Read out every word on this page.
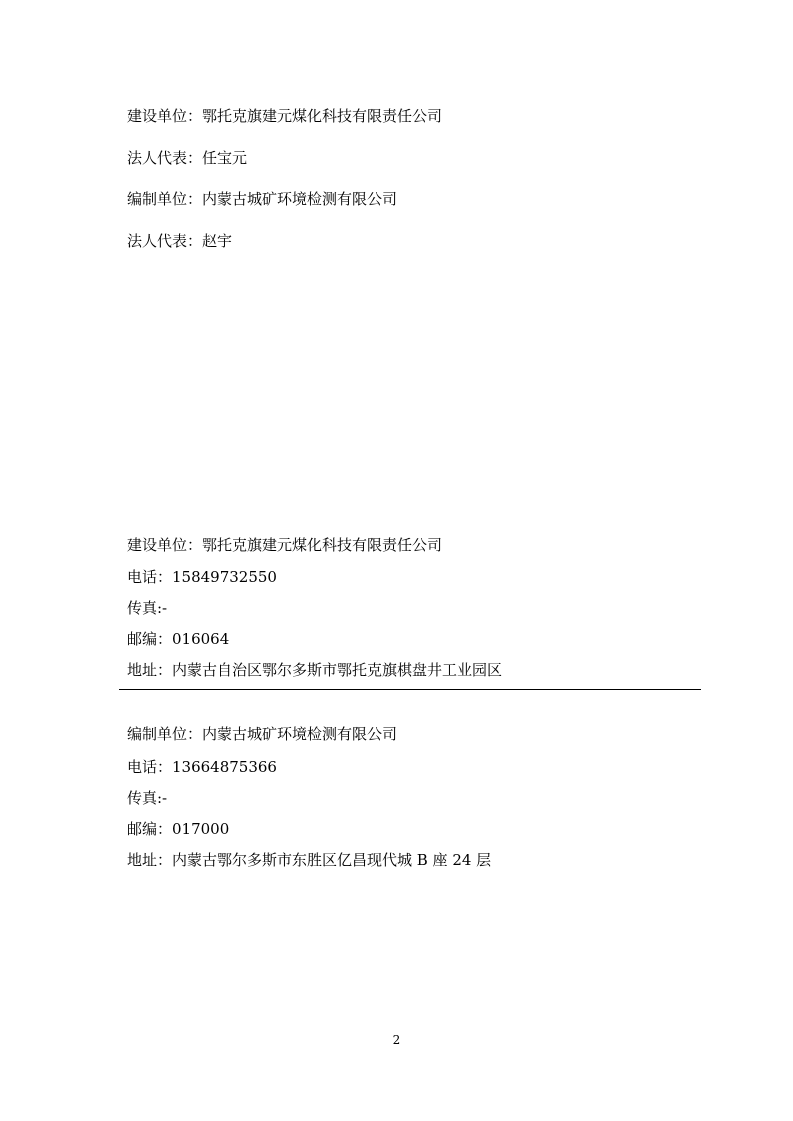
建设单位：鄂托克旗建元煤化科技有限责任公司
法人代表：任宝元
编制单位：内蒙古城矿环境检测有限公司
法人代表：赵宇
建设单位：鄂托克旗建元煤化科技有限责任公司
电话：15849732550
传真:-
邮编：016064
地址：内蒙古自治区鄂尔多斯市鄂托克旗棋盘井工业园区
编制单位：内蒙古城矿环境检测有限公司
电话：13664875366
传真:-
邮编：017000
地址：内蒙古鄂尔多斯市东胜区亿昌现代城 B 座 24 层
2
